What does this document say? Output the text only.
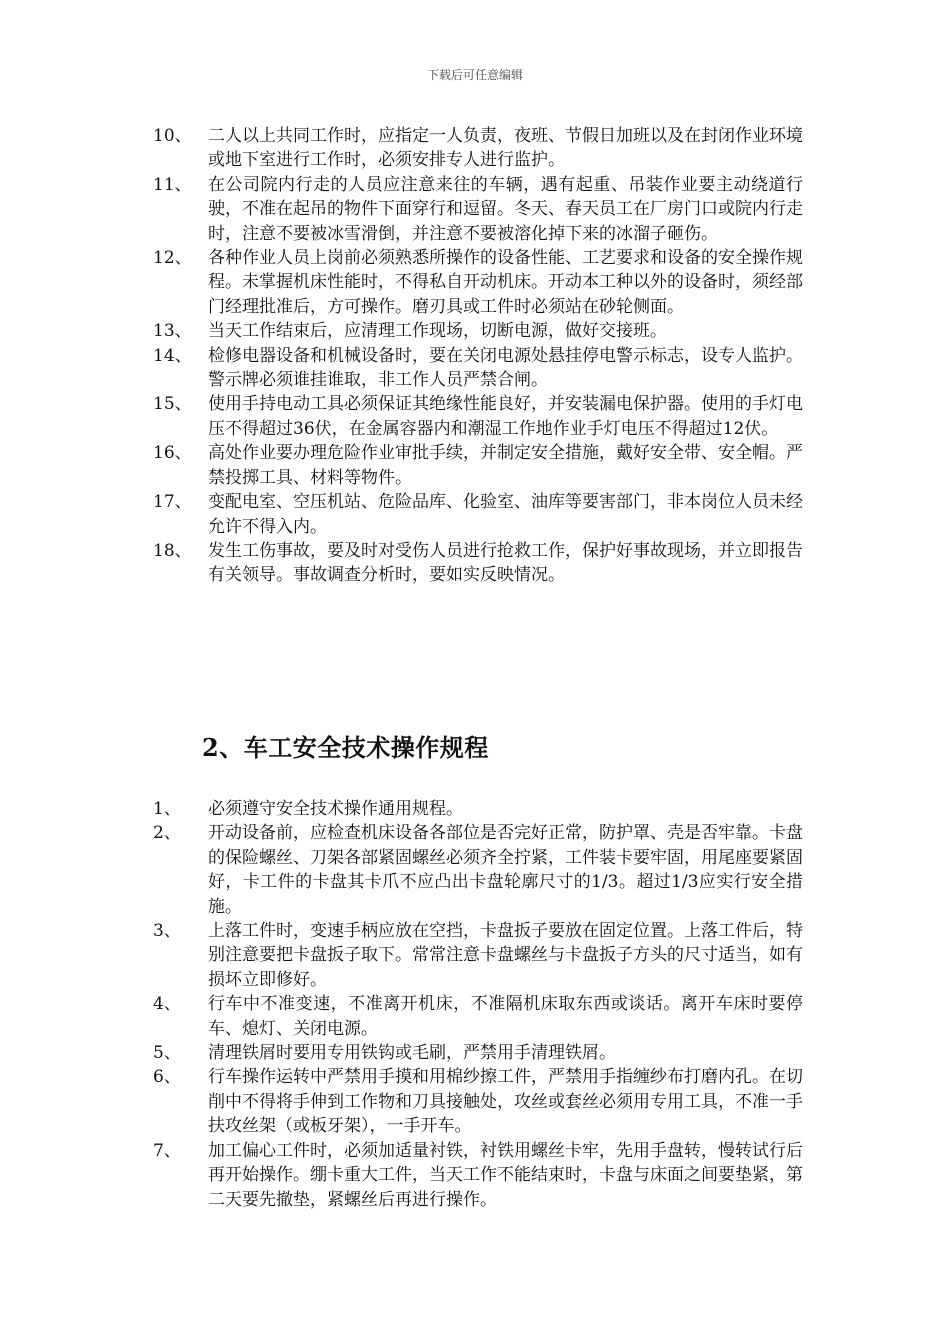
下载后可任意编辑
10、 二人以上共同工作时，应指定一人负责，夜班、节假日加班以及在封闭作业环境或地下室进行工作时，必须安排专人进行监护。
11、 在公司院内行走的人员应注意来往的车辆，遇有起重、吊装作业要主动绕道行驶，不准在起吊的物件下面穿行和逗留。冬天、春天员工在厂房门口或院内行走时，注意不要被冰雪滑倒，并注意不要被溶化掉下来的冰溜子砸伤。
12、 各种作业人员上岗前必须熟悉所操作的设备性能、工艺要求和设备的安全操作规程。未掌握机床性能时，不得私自开动机床。开动本工种以外的设备时，须经部门经理批准后，方可操作。磨刃具或工件时必须站在砂轮侧面。
13、 当天工作结束后，应清理工作现场，切断电源，做好交接班。
14、 检修电器设备和机械设备时，要在关闭电源处悬挂停电警示标志，设专人监护。警示牌必须谁挂谁取，非工作人员严禁合闸。
15、 使用手持电动工具必须保证其绝缘性能良好，并安装漏电保护器。使用的手灯电压不得超过36伏，在金属容器内和潮湿工作地作业手灯电压不得超过12伏。
16、 高处作业要办理危险作业审批手续，并制定安全措施，戴好安全带、安全帽。严禁投掷工具、材料等物件。
17、 变配电室、空压机站、危险品库、化验室、油库等要害部门，非本岗位人员未经允许不得入内。
18、 发生工伤事故，要及时对受伤人员进行抢救工作，保护好事故现场，并立即报告有关领导。事故调查分析时，要如实反映情况。
2、车工安全技术操作规程
1、	必须遵守安全技术操作通用规程。
2、	开动设备前，应检查机床设备各部位是否完好正常，防护罩、壳是否牢靠。卡盘的保险螺丝、刀架各部紧固螺丝必须齐全拧紧，工件装卡要牢固，用尾座要紧固好，卡工件的卡盘其卡爪不应凸出卡盘轮廓尺寸的1/3。超过1/3应实行安全措施。
3、	上落工件时，变速手柄应放在空挡，卡盘扳子要放在固定位置。上落工件后，特别注意要把卡盘扳子取下。常常注意卡盘螺丝与卡盘扳子方头的尺寸适当，如有损坏立即修好。
4、	行车中不准变速，不准离开机床，不准隔机床取东西或谈话。离开车床时要停车、熄灯、关闭电源。
5、	清理铁屑时要用专用铁钩或毛刷，严禁用手清理铁屑。
6、	行车操作运转中严禁用手摸和用棉纱擦工件，严禁用手指缠纱布打磨内孔。在切削中不得将手伸到工作物和刀具接触处，攻丝或套丝必须用专用工具，不准一手扶攻丝架（或板牙架），一手开车。
7、	加工偏心工件时，必须加适量衬铁，衬铁用螺丝卡牢，先用手盘转，慢转试行后再开始操作。绷卡重大工件，当天工作不能结束时，卡盘与床面之间要垫紧，第二天要先撤垫，紧螺丝后再进行操作。
